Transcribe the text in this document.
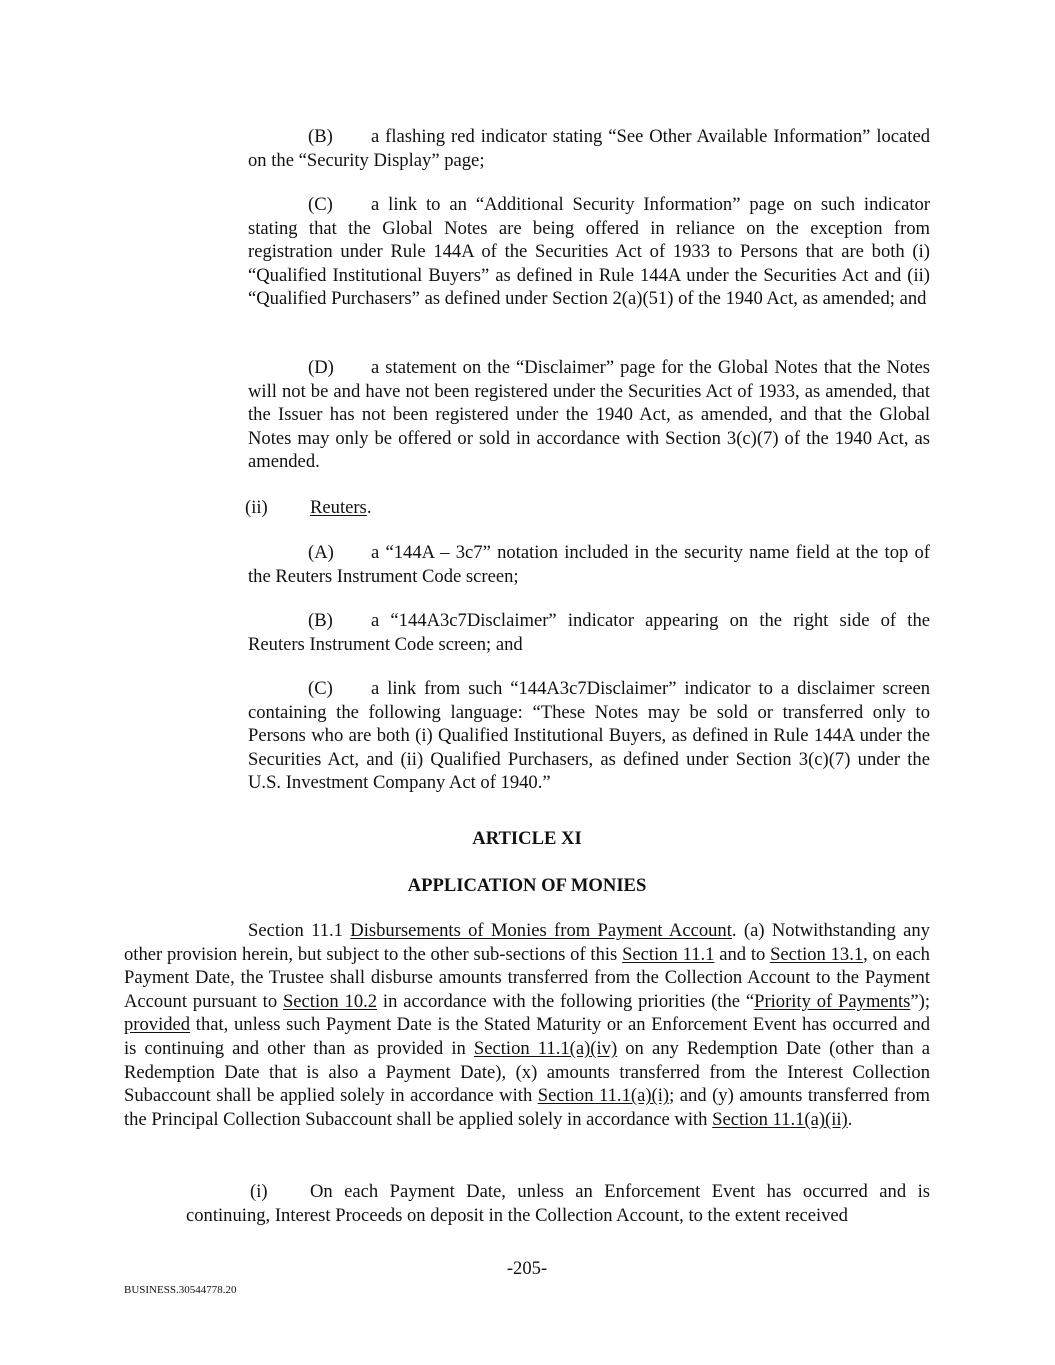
(B) a flashing red indicator stating “See Other Available Information” located on the “Security Display” page;

(C) a link to an “Additional Security Information” page on such indicator stating that the Global Notes are being offered in reliance on the exception from registration under Rule 144A of the Securities Act of 1933 to Persons that are both (i) “Qualified Institutional Buyers” as defined in Rule 144A under the Securities Act and (ii) “Qualified Purchasers” as defined under Section 2(a)(51) of the 1940 Act, as amended; and

(D) a statement on the “Disclaimer” page for the Global Notes that the Notes will not be and have not been registered under the Securities Act of 1933, as amended, that the Issuer has not been registered under the 1940 Act, as amended, and that the Global Notes may only be offered or sold in accordance with Section 3(c)(7) of the 1940 Act, as amended.

(ii) Reuters.

(A) a “144A – 3c7” notation included in the security name field at the top of the Reuters Instrument Code screen;

(B) a “144A3c7Disclaimer” indicator appearing on the right side of the Reuters Instrument Code screen; and

(C) a link from such “144A3c7Disclaimer” indicator to a disclaimer screen containing the following language: “These Notes may be sold or transferred only to Persons who are both (i) Qualified Institutional Buyers, as defined in Rule 144A under the Securities Act, and (ii) Qualified Purchasers, as defined under Section 3(c)(7) under the U.S. Investment Company Act of 1940.”

ARTICLE XI
APPLICATION OF MONIES

Section 11.1 Disbursements of Monies from Payment Account. (a) Notwithstanding any other provision herein, but subject to the other sub-sections of this Section 11.1 and to Section 13.1, on each Payment Date, the Trustee shall disburse amounts transferred from the Collection Account to the Payment Account pursuant to Section 10.2 in accordance with the following priorities (the “Priority of Payments”); provided that, unless such Payment Date is the Stated Maturity or an Enforcement Event has occurred and is continuing and other than as provided in Section 11.1(a)(iv) on any Redemption Date (other than a Redemption Date that is also a Payment Date), (x) amounts transferred from the Interest Collection Subaccount shall be applied solely in accordance with Section 11.1(a)(i); and (y) amounts transferred from the Principal Collection Subaccount shall be applied solely in accordance with Section 11.1(a)(ii).

(i) On each Payment Date, unless an Enforcement Event has occurred and is continuing, Interest Proceeds on deposit in the Collection Account, to the extent received

-205-
BUSINESS.30544778.20
